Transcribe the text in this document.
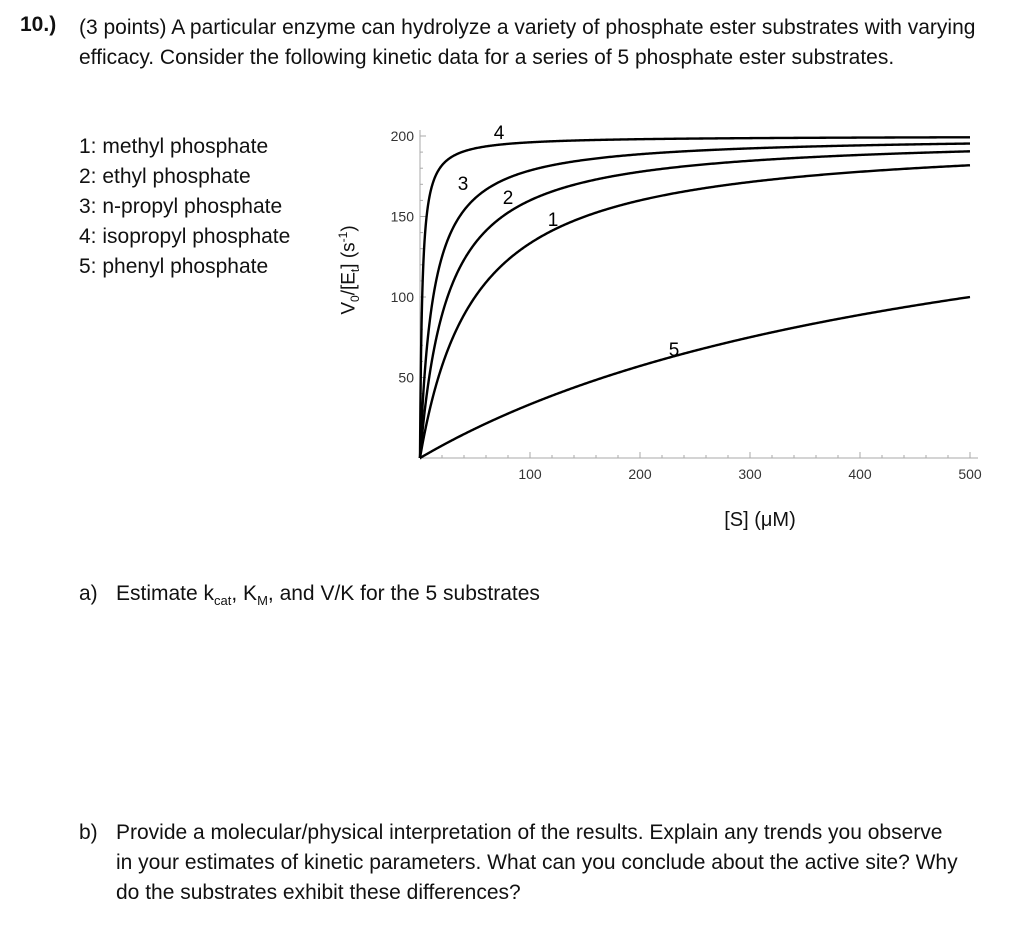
10.) (3 points) A particular enzyme can hydrolyze a variety of phosphate ester substrates with varying efficacy. Consider the following kinetic data for a series of 5 phosphate ester substrates.
1: methyl phosphate
2: ethyl phosphate
3: n-propyl phosphate
4: isopropyl phosphate
5: phenyl phosphate
$V_0/[E_t]$ $(s^{-1})$
100	200	300	400	500
50
100
150
200
1
2
3
4
5
[S] (μM)
a) Estimate $k_{cat}$, $K_M$, and V/K for the 5 substrates
b) Provide a molecular/physical interpretation of the results. Explain any trends you observe in your estimates of kinetic parameters. What can you conclude about the active site? Why do the substrates exhibit these differences?
